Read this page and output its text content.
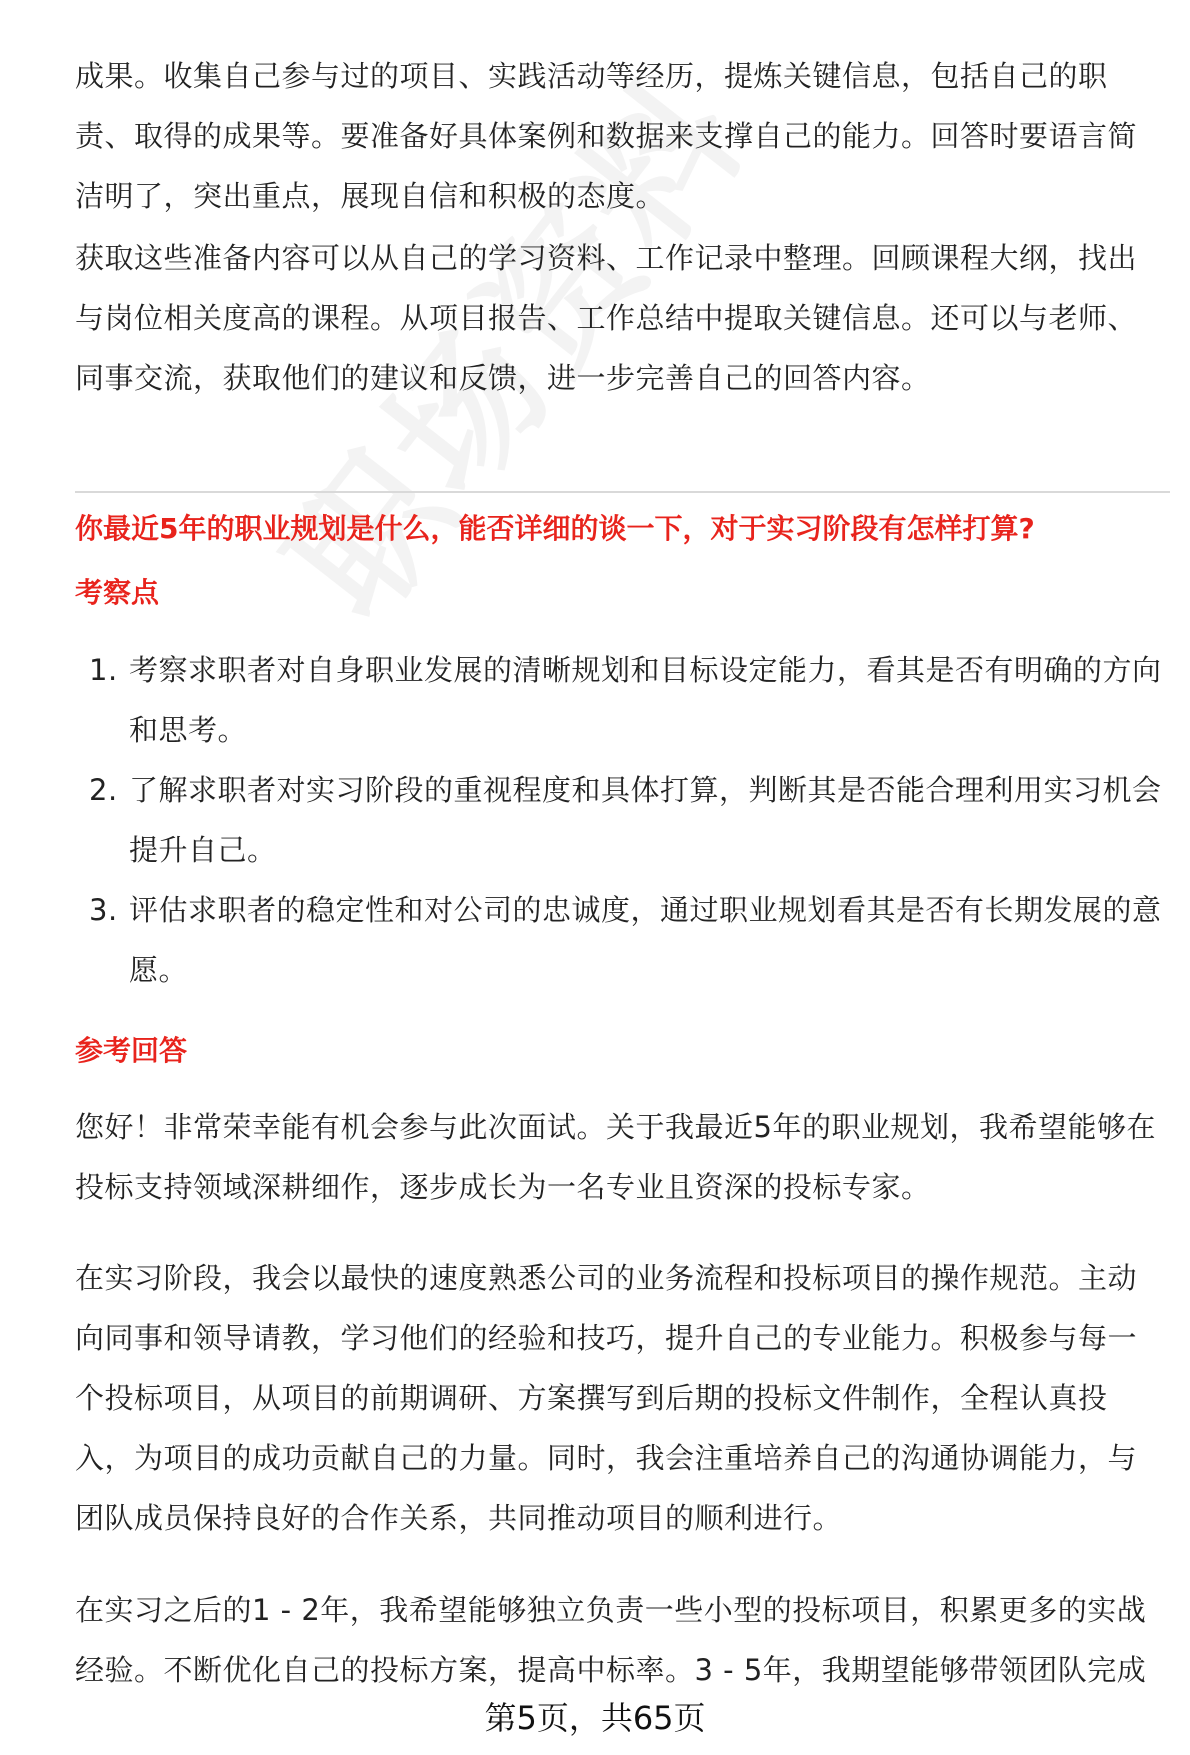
成果。收集自己参与过的项目、实践活动等经历，提炼关键信息，包括自己的职责、取得的成果等。要准备好具体案例和数据来支撑自己的能力。回答时要语言简洁明了，突出重点，展现自信和积极的态度。

获取这些准备内容可以从自己的学习资料、工作记录中整理。回顾课程大纲，找出与岗位相关度高的课程。从项目报告、工作总结中提取关键信息。还可以与老师、同事交流，获取他们的建议和反馈，进一步完善自己的回答内容。

你最近5年的职业规划是什么，能否详细的谈一下，对于实习阶段有怎样打算?

考察点

1. 考察求职者对自身职业发展的清晰规划和目标设定能力，看其是否有明确的方向和思考。
2. 了解求职者对实习阶段的重视程度和具体打算，判断其是否能合理利用实习机会提升自己。
3. 评估求职者的稳定性和对公司的忠诚度，通过职业规划看其是否有长期发展的意愿。

参考回答

您好！非常荣幸能有机会参与此次面试。关于我最近5年的职业规划，我希望能够在投标支持领域深耕细作，逐步成长为一名专业且资深的投标专家。

在实习阶段，我会以最快的速度熟悉公司的业务流程和投标项目的操作规范。主动向同事和领导请教，学习他们的经验和技巧，提升自己的专业能力。积极参与每一个投标项目，从项目的前期调研、方案撰写到后期的投标文件制作，全程认真投入，为项目的成功贡献自己的力量。同时，我会注重培养自己的沟通协调能力，与团队成员保持良好的合作关系，共同推动项目的顺利进行。

在实习之后的1 - 2年，我希望能够独立负责一些小型的投标项目，积累更多的实战经验。不断优化自己的投标方案，提高中标率。3 - 5年，我期望能够带领团队完成

第5页，共65页
